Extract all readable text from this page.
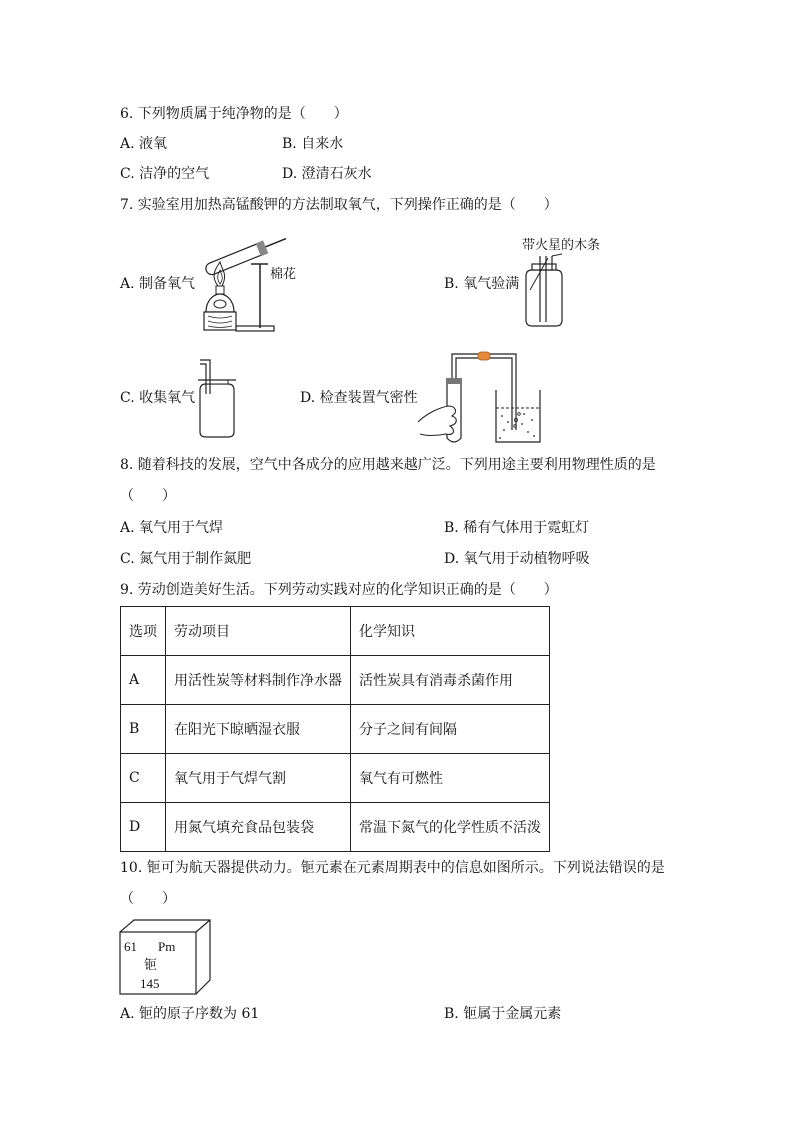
6. 下列物质属于纯净物的是（　　）
A. 液氧	B. 自来水
C. 洁净的空气	D. 澄清石灰水
7. 实验室用加热高锰酸钾的方法制取氧气，下列操作正确的是（　　）
A. 制备氧气
棉花
B. 氧气验满
带火星的木条
C. 收集氧气	D. 检查装置气密性
8. 随着科技的发展，空气中各成分的应用越来越广泛。下列用途主要利用物理性质的是
（　　）
A. 氧气用于气焊	B. 稀有气体用于霓虹灯
C. 氮气用于制作氮肥	D. 氧气用于动植物呼吸
9. 劳动创造美好生活。下列劳动实践对应的化学知识正确的是（　　）
选项	劳动项目	化学知识
A	用活性炭等材料制作净水器	活性炭具有消毒杀菌作用
B	在阳光下晾晒湿衣服	分子之间有间隔
C	氧气用于气焊气割	氧气有可燃性
D	用氮气填充食品包装袋	常温下氮气的化学性质不活泼
10. 钷可为航天器提供动力。钷元素在元素周期表中的信息如图所示。下列说法错误的是
（　　）
61 Pm
钷
145
A. 钷的原子序数为 61	B. 钷属于金属元素
